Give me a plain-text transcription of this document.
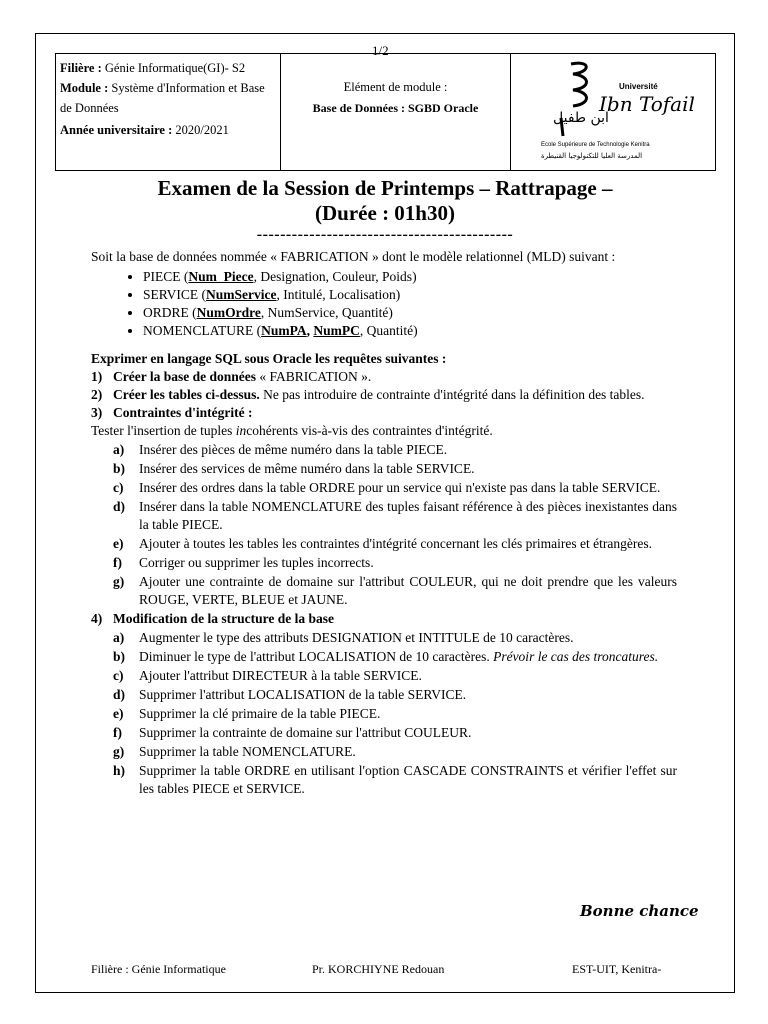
1/2
Filière : Génie Informatique(GI)- S2
Module : Système d'Information et Base de Données
Année universitaire : 2020/2021
Elément de module :
Base de Données : SGBD Oracle
Université
Ibn Tofail
ابن طفيل
Ecole Supérieure de Technologie Kenitra
المدرسة العليا للتكنولوجيا القنيطرة
Examen de la Session de Printemps – Rattrapage –
(Durée : 01h30)
--------------------------------------------

Soit la base de données nommée « FABRICATION » dont le modèle relationnel (MLD) suivant :

• PIECE (Num_Piece, Designation, Couleur, Poids)
• SERVICE (NumService, Intitulé, Localisation)
• ORDRE (NumOrdre, NumService, Quantité)
• NOMENCLATURE (NumPA, NumPC, Quantité)

Exprimer en langage SQL sous Oracle les requêtes suivantes :

1) Créer la base de données « FABRICATION ».
2) Créer les tables ci-dessus. Ne pas introduire de contrainte d'intégrité dans la définition des tables.
3) Contraintes d'intégrité :

Tester l'insertion de tuples incohérents vis-à-vis des contraintes d'intégrité.

a) Insérer des pièces de même numéro dans la table PIECE.
b) Insérer des services de même numéro dans la table SERVICE.
c) Insérer des ordres dans la table ORDRE pour un service qui n'existe pas dans la table SERVICE.
d) Insérer dans la table NOMENCLATURE des tuples faisant référence à des pièces inexistantes dans la table PIECE.
e) Ajouter à toutes les tables les contraintes d'intégrité concernant les clés primaires et étrangères.
f) Corriger ou supprimer les tuples incorrects.
g) Ajouter une contrainte de domaine sur l'attribut COULEUR, qui ne doit prendre que les valeurs ROUGE, VERTE, BLEUE et JAUNE.
4) Modification de la structure de la base
a) Augmenter le type des attributs DESIGNATION et INTITULE de 10 caractères.
b) Diminuer le type de l'attribut LOCALISATION de 10 caractères. Prévoir le cas des troncatures.
c) Ajouter l'attribut DIRECTEUR à la table SERVICE.
d) Supprimer l'attribut LOCALISATION de la table SERVICE.
e) Supprimer la clé primaire de la table PIECE.
f) Supprimer la contrainte de domaine sur l'attribut COULEUR.
g) Supprimer la table NOMENCLATURE.
h) Supprimer la table ORDRE en utilisant l'option CASCADE CONSTRAINTS et vérifier l'effet sur les tables PIECE et SERVICE.
Bonne chance
Filière : Génie Informatique	Pr. KORCHIYNE Redouan	EST-UIT, Kenitra-
